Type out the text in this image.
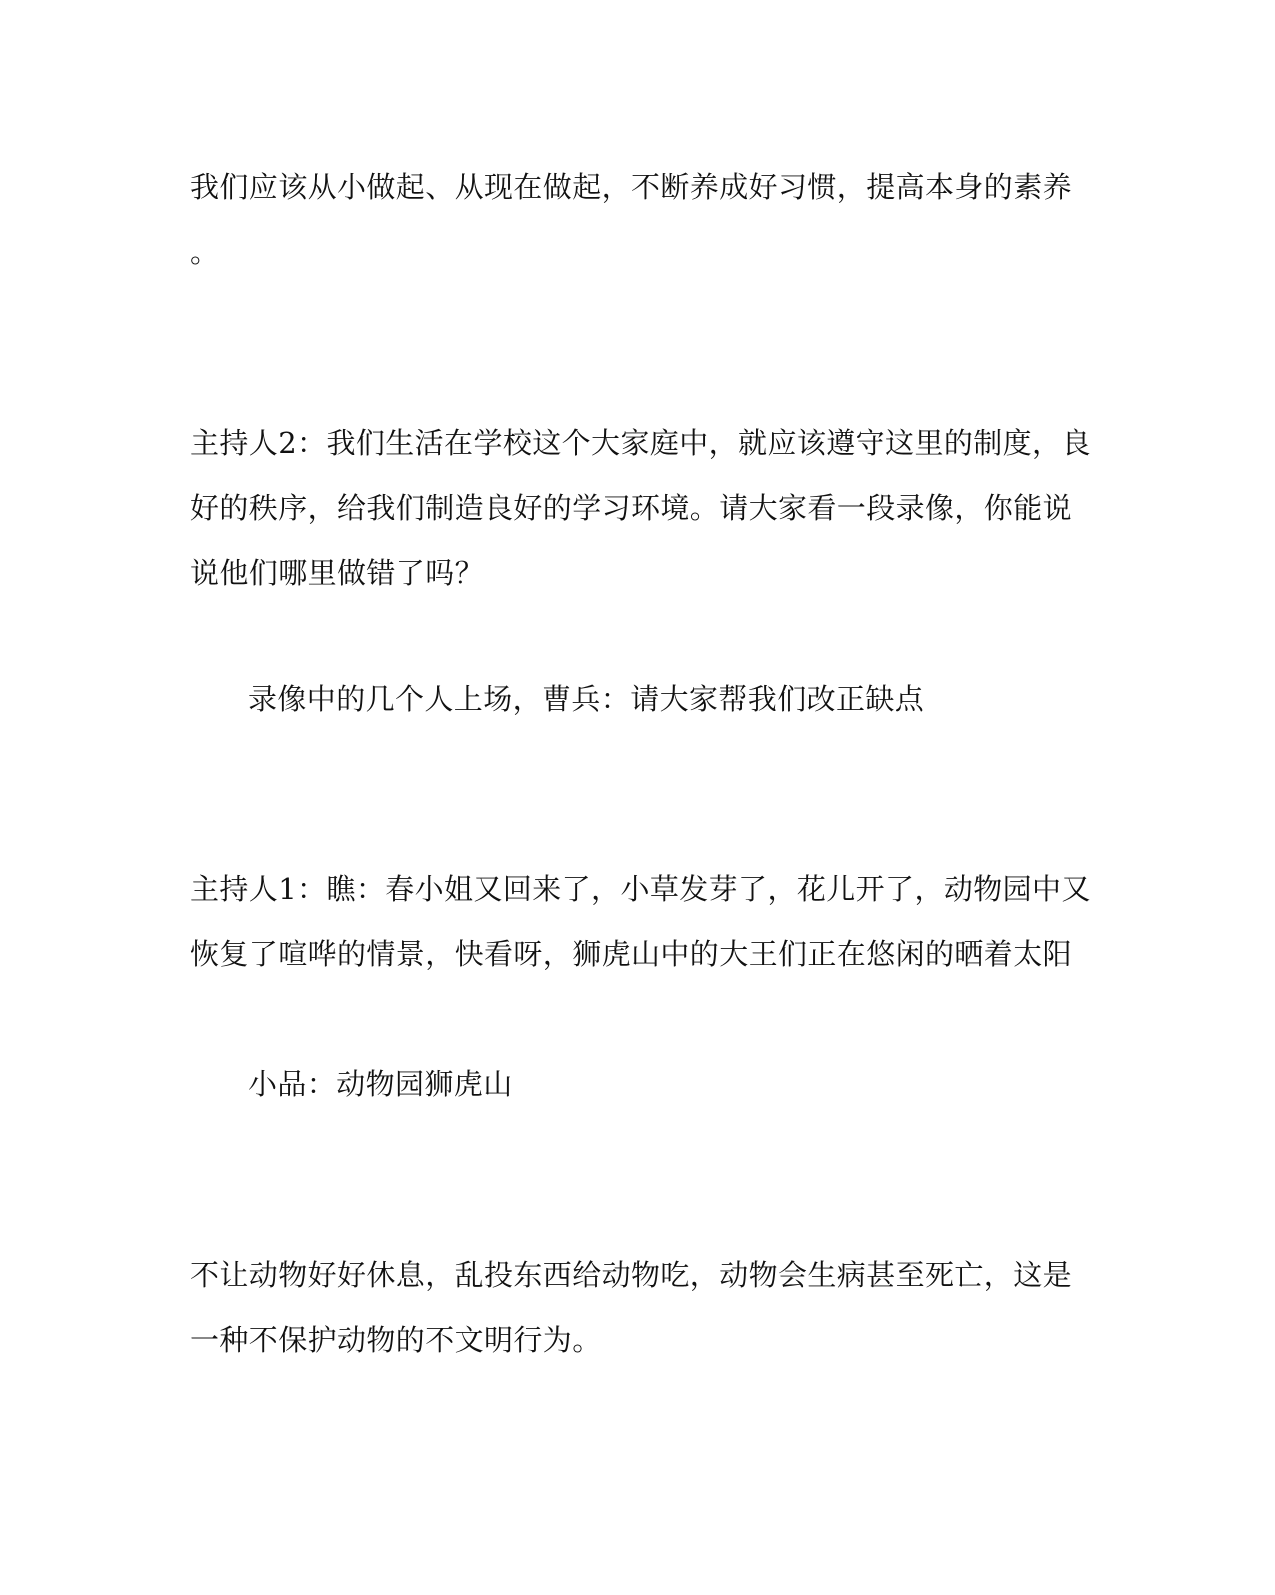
我们应该从小做起、从现在做起，不断养成好习惯，提高本身的素养
。
主持人2：我们生活在学校这个大家庭中，就应该遵守这里的制度，良
好的秩序，给我们制造良好的学习环境。请大家看一段录像，你能说
说他们哪里做错了吗？
录像中的几个人上场，曹兵：请大家帮我们改正缺点
主持人1：瞧：春小姐又回来了，小草发芽了，花儿开了，动物园中又
恢复了喧哗的情景，快看呀，狮虎山中的大王们正在悠闲的晒着太阳
小品：动物园狮虎山
不让动物好好休息，乱投东西给动物吃，动物会生病甚至死亡，这是
一种不保护动物的不文明行为。
